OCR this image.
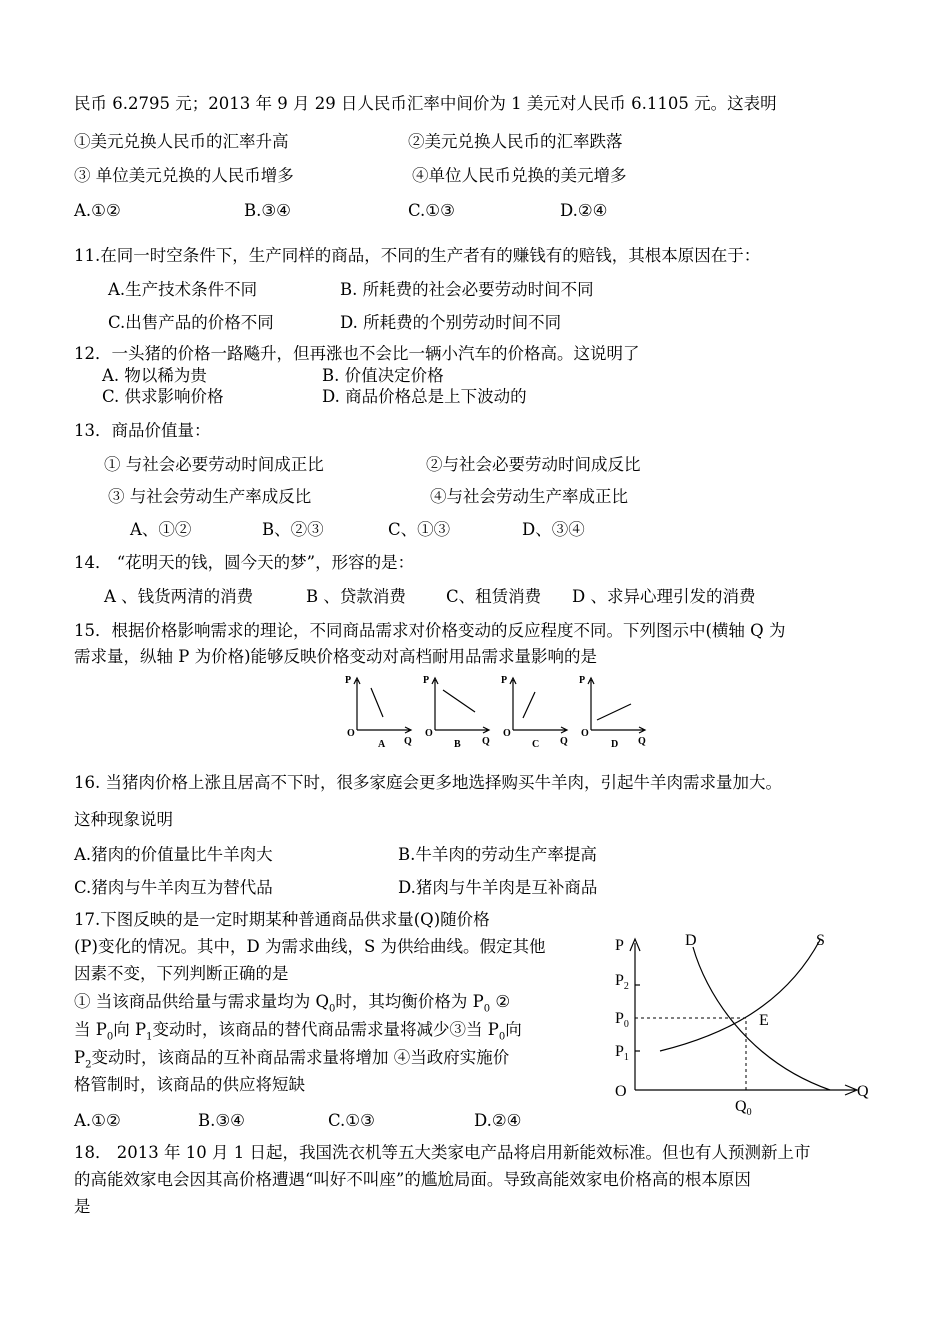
民币 6.2795 元；2013 年 9 月 29 日人民币汇率中间价为 1 美元对人民币 6.1105 元。这表明
①美元兑换人民币的汇率升高	②美元兑换人民币的汇率跌落
③ 单位美元兑换的人民币增多	④单位人民币兑换的美元增多
A.①②	B.③④	C.①③	D.②④
11.在同一时空条件下，生产同样的商品，不同的生产者有的赚钱有的赔钱，其根本原因在于：
A.生产技术条件不同	B. 所耗费的社会必要劳动时间不同
C.出售产品的价格不同	D. 所耗费的个别劳动时间不同
12．一头猪的价格一路飚升，但再涨也不会比一辆小汽车的价格高。这说明了
A. 物以稀为贵	B. 价值决定价格
C. 供求影响价格	D. 商品价格总是上下波动的
13．商品价值量：
① 与社会必要劳动时间成正比	②与社会必要劳动时间成反比
③ 与社会劳动生产率成反比	④与社会劳动生产率成正比
A、①②	B、②③	C、①③	D、③④
14． “花明天的钱，圆今天的梦”，形容的是：
A 、钱货两清的消费	B 、贷款消费 C、租赁消费 D 、求异心理引发的消费
15．根据价格影响需求的理论，不同商品需求对价格变动的反应程度不同。下列图示中(横轴 Q 为
需求量，纵轴 P 为价格)能够反映价格变动对高档耐用品需求量影响的是
P
O
Q
A
P
O
Q
B
P
O
Q
C
P
O
Q
D
16. 当猪肉价格上涨且居高不下时，很多家庭会更多地选择购买牛羊肉，引起牛羊肉需求量加大。
这种现象说明
A.猪肉的价值量比牛羊肉大	B.牛羊肉的劳动生产率提高
C.猪肉与牛羊肉互为替代品	D.猪肉与牛羊肉是互补商品
17.下图反映的是一定时期某种普通商品供求量(Q)随价格
(P)变化的情况。其中，D 为需求曲线，S 为供给曲线。假定其他
因素不变，下列判断正确的是
① 当该商品供给量与需求量均为 $Q_0$时，其均衡价格为 $P_0$ ②
当 $P_0$向 $P_1$变动时，该商品的替代商品需求量将减少③当 $P_0$向
$P_2$变动时，该商品的互补商品需求量将增加 ④当政府实施价
格管制时，该商品的供应将短缺
A.①②	B.③④	C.①③	D.②④
P	D	S
$P_2$
$P_0$
$P_1$
E
O	Q
$Q_0$
18． 2013 年 10 月 1 日起，我国洗衣机等五大类家电产品将启用新能效标准。但也有人预测新上市
的高能效家电会因其高价格遭遇“叫好不叫座”的尴尬局面。导致高能效家电价格高的根本原因
是
